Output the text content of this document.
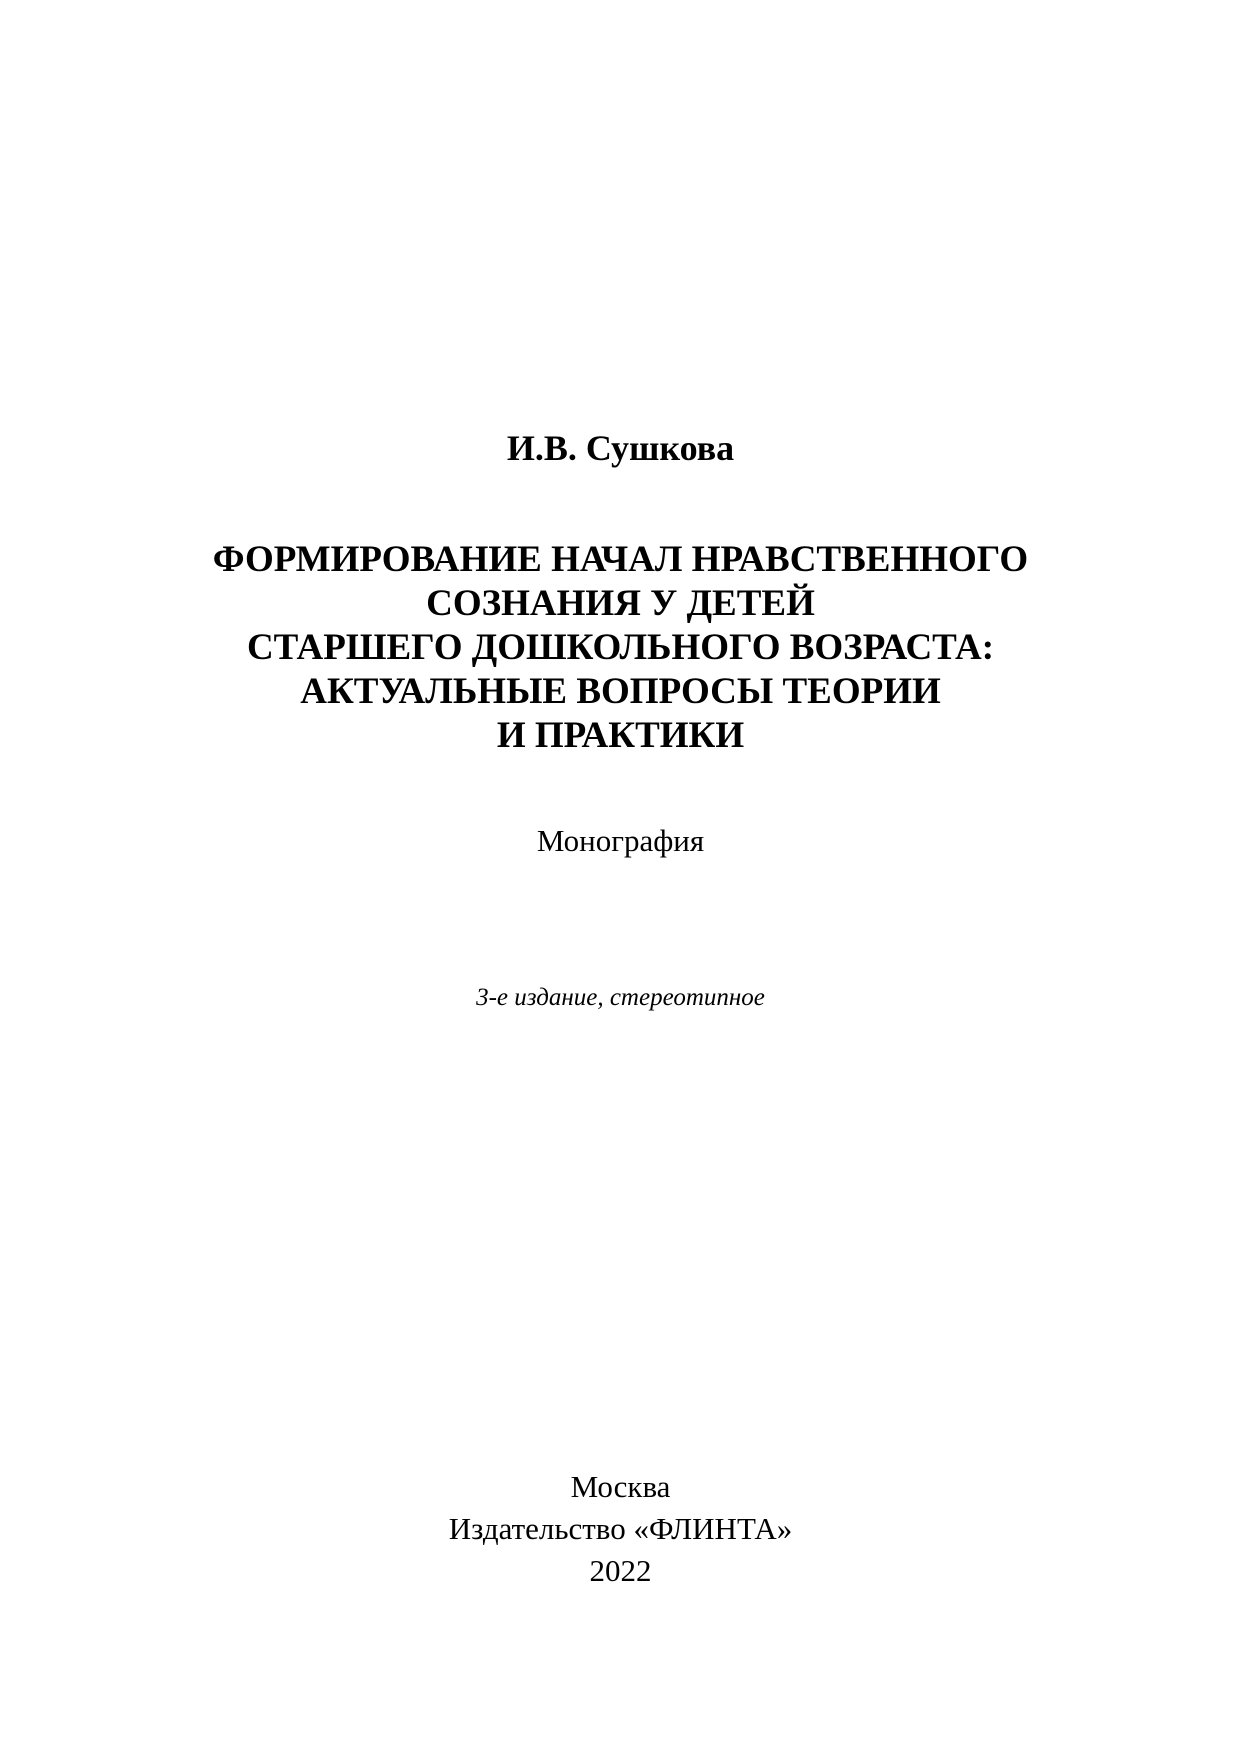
И.В. Сушкова
ФОРМИРОВАНИЕ НАЧАЛ НРАВСТВЕННОГО
СОЗНАНИЯ У ДЕТЕЙ
СТАРШЕГО ДОШКОЛЬНОГО ВОЗРАСТА:
АКТУАЛЬНЫЕ ВОПРОСЫ ТЕОРИИ
И ПРАКТИКИ
Монография
3-е издание, стереотипное
Москва
Издательство «ФЛИНТА»
2022
